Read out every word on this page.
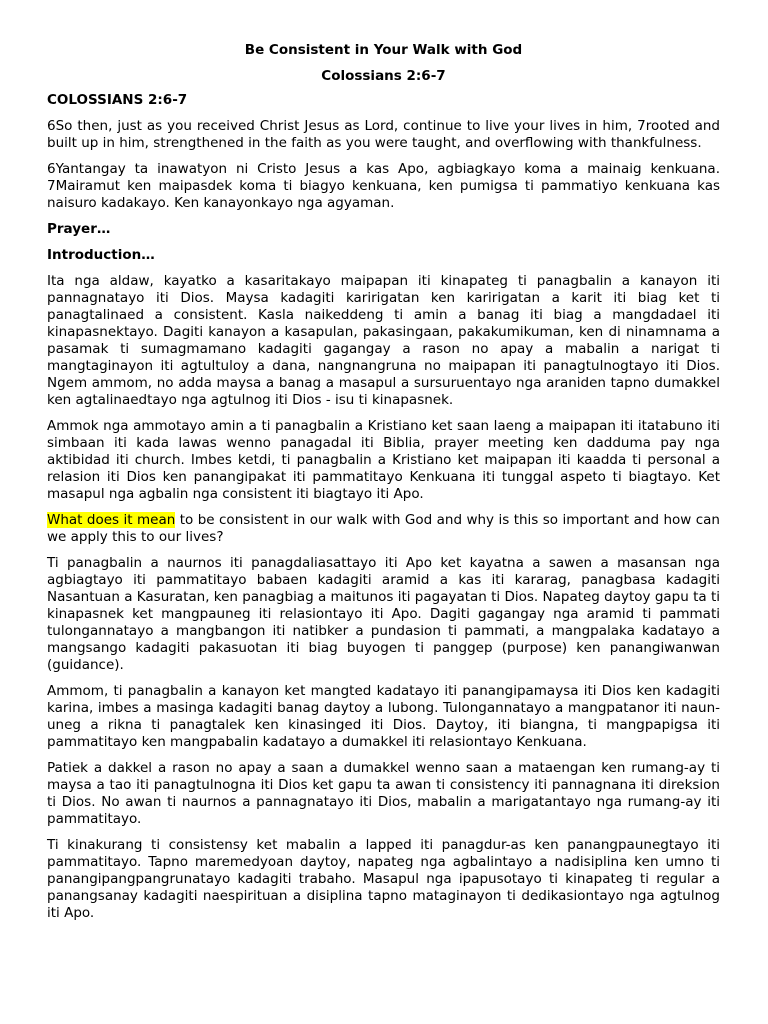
Be Consistent in Your Walk with God
Colossians 2:6-7
COLOSSIANS 2:6-7

6So then, just as you received Christ Jesus as Lord, continue to live your lives in him, 7rooted and built up in him, strengthened in the faith as you were taught, and overflowing with thankfulness.

6Yantangay ta inawatyon ni Cristo Jesus a kas Apo, agbiagkayo koma a mainaig kenkuana. 7Mairamut ken maipasdek koma ti biagyo kenkuana, ken pumigsa ti pammatiyo kenkuana kas naisuro kadakayo. Ken kanayonkayo nga agyaman.

Prayer…
Introduction…

Ita nga aldaw, kayatko a kasaritakayo maipapan iti kinapateg ti panagbalin a kanayon iti pannagnatayo iti Dios. Maysa kadagiti karirigatan ken karirigatan a karit iti biag ket ti panagtalinaed a consistent. Kasla naikeddeng ti amin a banag iti biag a mangdadael iti kinapasnektayo. Dagiti kanayon a kasapulan, pakasingaan, pakakumikuman, ken di ninamnama a pasamak ti sumagmamano kadagiti gagangay a rason no apay a mabalin a narigat ti mangtaginayon iti agtultuloy a dana, nangnangruna no maipapan iti panagtulnogtayo iti Dios. Ngem ammom, no adda maysa a banag a masapul a sursuruentayo nga araniden tapno dumakkel ken agtalinaedtayo nga agtulnog iti Dios - isu ti kinapasnek.

Ammok nga ammotayo amin a ti panagbalin a Kristiano ket saan laeng a maipapan iti itatabuno iti simbaan iti kada lawas wenno panagadal iti Biblia, prayer meeting ken dadduma pay nga aktibidad iti church. Imbes ketdi, ti panagbalin a Kristiano ket maipapan iti kaadda ti personal a relasion iti Dios ken panangipakat iti pammatitayo Kenkuana iti tunggal aspeto ti biagtayo. Ket masapul nga agbalin nga consistent iti biagtayo iti Apo.

What does it mean to be consistent in our walk with God and why is this so important and how can we apply this to our lives?

Ti panagbalin a naurnos iti panagdaliasattayo iti Apo ket kayatna a sawen a masansan nga agbiagtayo iti pammatitayo babaen kadagiti aramid a kas iti kararag, panagbasa kadagiti Nasantuan a Kasuratan, ken panagbiag a maitunos iti pagayatan ti Dios. Napateg daytoy gapu ta ti kinapasnek ket mangpauneg iti relasiontayo iti Apo. Dagiti gagangay nga aramid ti pammati tulongannatayo a mangbangon iti natibker a pundasion ti pammati, a mangpalaka kadatayo a mangsango kadagiti pakasuotan iti biag buyogen ti panggep (purpose) ken panangiwanwan (guidance).

Ammom, ti panagbalin a kanayon ket mangted kadatayo iti panangipamaysa iti Dios ken kadagiti karina, imbes a masinga kadagiti banag daytoy a lubong. Tulongannatayo a mangpatanor iti naun-uneg a rikna ti panagtalek ken kinasinged iti Dios. Daytoy, iti biangna, ti mangpapigsa iti pammatitayo ken mangpabalin kadatayo a dumakkel iti relasiontayo Kenkuana.

Patiek a dakkel a rason no apay a saan a dumakkel wenno saan a mataengan ken rumang-ay ti maysa a tao iti panagtulnogna iti Dios ket gapu ta awan ti consistency iti pannagnana iti direksion ti Dios. No awan ti naurnos a pannagnatayo iti Dios, mabalin a marigatantayo nga rumang-ay iti pammatitayo.

Ti kinakurang ti consistensy ket mabalin a lapped iti panagdur-as ken panangpaunegtayo iti pammatitayo. Tapno maremedyoan daytoy, napateg nga agbalintayo a nadisiplina ken umno ti panangipangpangrunatayo kadagiti trabaho. Masapul nga ipapusotayo ti kinapateg ti regular a panangsanay kadagiti naespirituan a disiplina tapno mataginayon ti dedikasiontayo nga agtulnog iti Apo.
